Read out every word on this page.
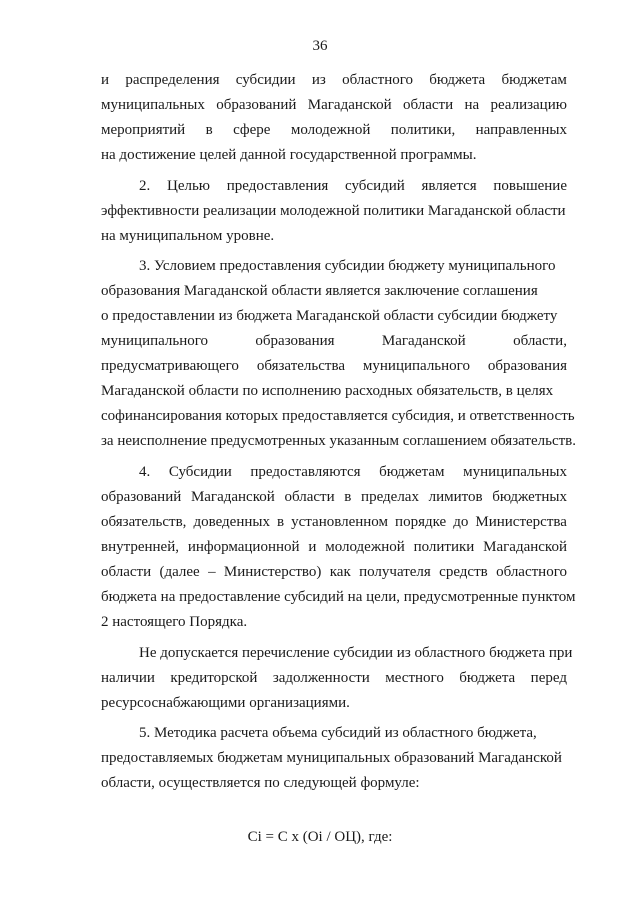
36
и распределения субсидии из областного бюджета бюджетам
муниципальных образований Магаданской области на реализацию
мероприятий в сфере молодежной политики, направленных
на достижение целей данной государственной программы.
2. Целью предоставления субсидий является повышение
эффективности реализации молодежной политики Магаданской области
на муниципальном уровне.
3. Условием предоставления субсидии бюджету муниципального
образования Магаданской области является заключение соглашения
о предоставлении из бюджета Магаданской области субсидии бюджету
муниципального	образования	Магаданской	области,
предусматривающего обязательства муниципального образования
Магаданской области по исполнению расходных обязательств, в целях
софинансирования которых предоставляется субсидия, и ответственность
за неисполнение предусмотренных указанным соглашением обязательств.
4. Субсидии предоставляются бюджетам муниципальных
образований Магаданской области в пределах лимитов бюджетных
обязательств, доведенных в установленном порядке до Министерства
внутренней, информационной и молодежной политики Магаданской
области (далее – Министерство) как получателя средств областного
бюджета на предоставление субсидий на цели, предусмотренные пунктом
2 настоящего Порядка.
Не допускается перечисление субсидии из областного бюджета при
наличии кредиторской задолженности местного бюджета перед
ресурсоснабжающими организациями.
5. Методика расчета объема субсидий из областного бюджета,
предоставляемых бюджетам муниципальных образований Магаданской
области, осуществляется по следующей формуле:
Ci = C x (Oi / OЦ), где:
